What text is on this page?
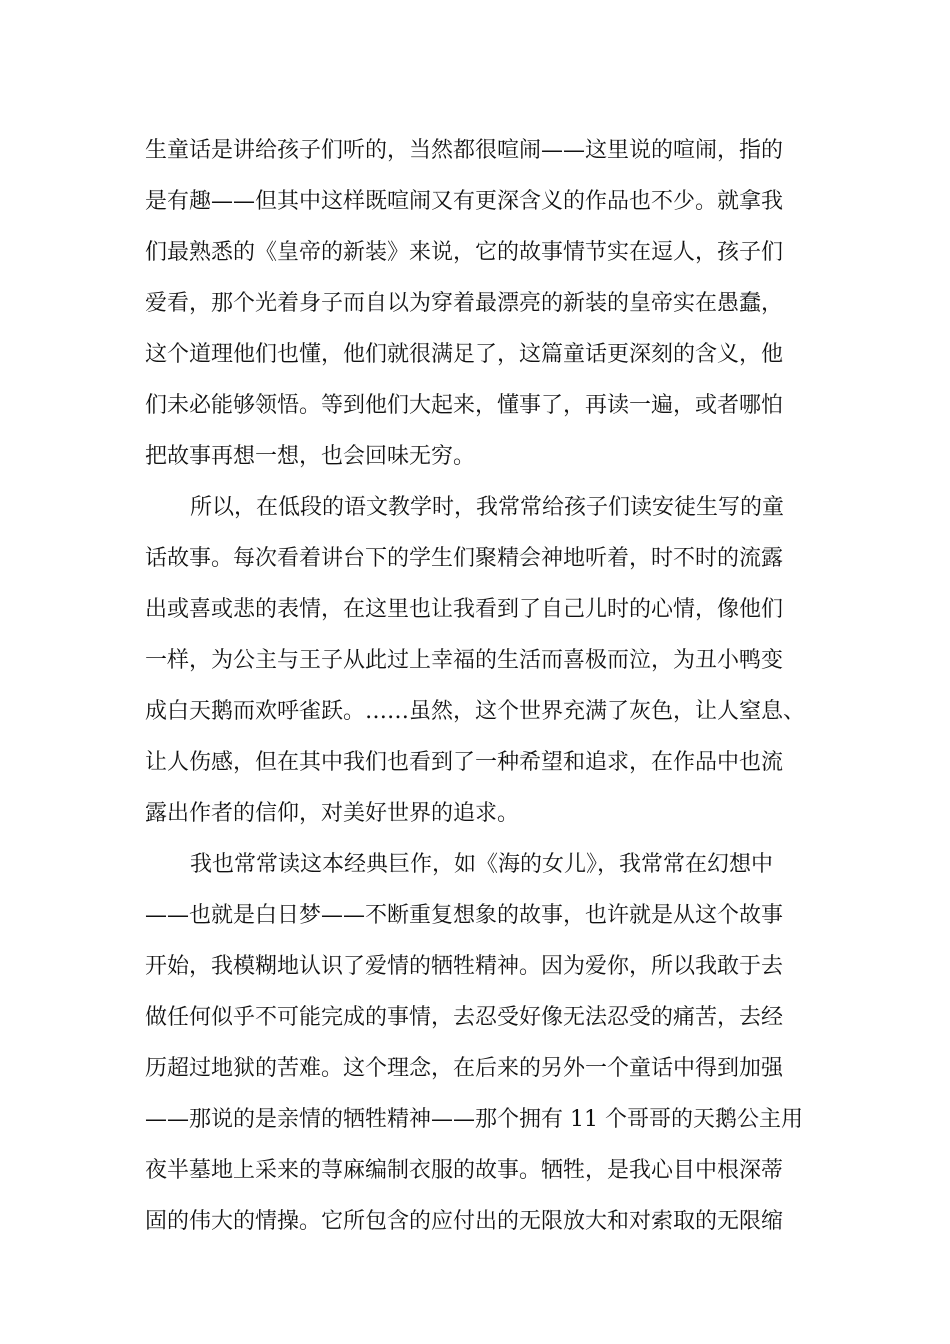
生童话是讲给孩子们听的，当然都很喧闹——这里说的喧闹，指的
是有趣——但其中这样既喧闹又有更深含义的作品也不少。就拿我
们最熟悉的《皇帝的新装》来说，它的故事情节实在逗人，孩子们
爱看，那个光着身子而自以为穿着最漂亮的新装的皇帝实在愚蠢，
这个道理他们也懂，他们就很满足了，这篇童话更深刻的含义，他
们未必能够领悟。等到他们大起来，懂事了，再读一遍，或者哪怕
把故事再想一想，也会回味无穷。
所以，在低段的语文教学时，我常常给孩子们读安徒生写的童
话故事。每次看着讲台下的学生们聚精会神地听着，时不时的流露
出或喜或悲的表情，在这里也让我看到了自己儿时的心情，像他们
一样，为公主与王子从此过上幸福的生活而喜极而泣，为丑小鸭变
成白天鹅而欢呼雀跃。……虽然，这个世界充满了灰色，让人窒息、
让人伤感，但在其中我们也看到了一种希望和追求，在作品中也流
露出作者的信仰，对美好世界的追求。
我也常常读这本经典巨作，如《海的女儿》，我常常在幻想中
——也就是白日梦——不断重复想象的故事，也许就是从这个故事
开始，我模糊地认识了爱情的牺牲精神。因为爱你，所以我敢于去
做任何似乎不可能完成的事情，去忍受好像无法忍受的痛苦，去经
历超过地狱的苦难。这个理念，在后来的另外一个童话中得到加强
——那说的是亲情的牺牲精神——那个拥有 11 个哥哥的天鹅公主用
夜半墓地上采来的荨麻编制衣服的故事。牺牲，是我心目中根深蒂
固的伟大的情操。它所包含的应付出的无限放大和对索取的无限缩
